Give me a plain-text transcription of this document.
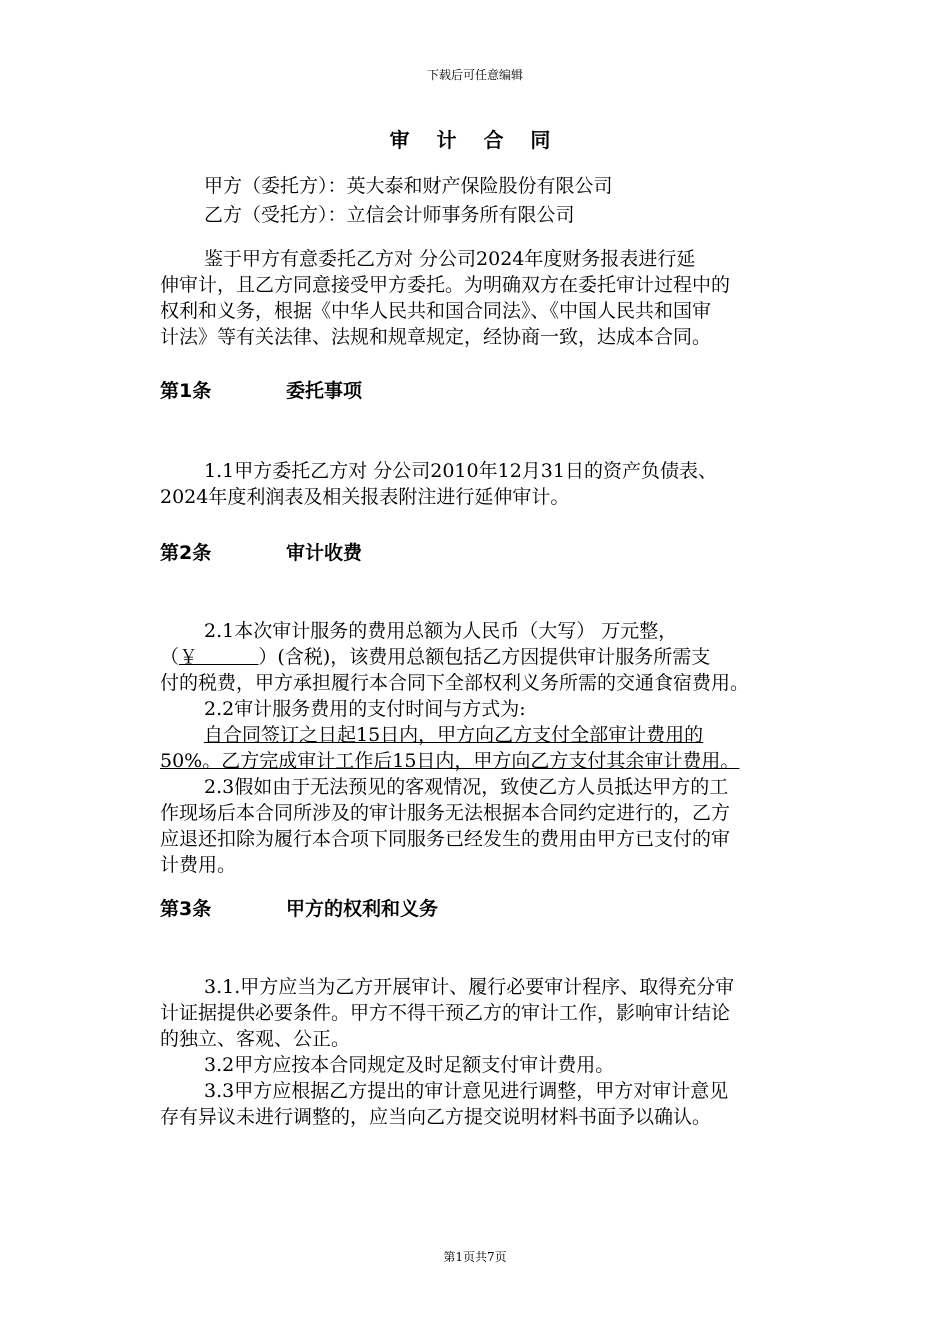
下载后可任意编辑
审 计 合 同
甲方（委托方）：英大泰和财产保险股份有限公司
乙方（受托方）：立信会计师事务所有限公司
鉴于甲方有意委托乙方对 分公司2024年度财务报表进行延
伸审计，且乙方同意接受甲方委托。为明确双方在委托审计过程中的
权利和义务，根据《中华人民共和国合同法》、《中国人民共和国审
计法》等有关法律、法规和规章规定，经协商一致，达成本合同。
第1条	委托事项
1.1甲方委托乙方对 分公司2010年12月31日的资产负债表、
2024年度利润表及相关报表附注进行延伸审计。
第2条	审计收费
2.1本次审计服务的费用总额为人民币（大写） 万元整，
（￥          ）(含税)，该费用总额包括乙方因提供审计服务所需支
付的税费，甲方承担履行本合同下全部权利义务所需的交通食宿费用。
2.2审计服务费用的支付时间与方式为:
自合同签订之日起15日内，甲方向乙方支付全部审计费用的
50%。乙方完成审计工作后15日内，甲方向乙方支付其余审计费用。
2.3假如由于无法预见的客观情况，致使乙方人员抵达甲方的工
作现场后本合同所涉及的审计服务无法根据本合同约定进行的，乙方
应退还扣除为履行本合项下同服务已经发生的费用由甲方已支付的审
计费用。
第3条	甲方的权利和义务
3.1.甲方应当为乙方开展审计、履行必要审计程序、取得充分审
计证据提供必要条件。甲方不得干预乙方的审计工作，影响审计结论
的独立、客观、公正。
3.2甲方应按本合同规定及时足额支付审计费用。
3.3甲方应根据乙方提出的审计意见进行调整，甲方对审计意见
存有异议未进行调整的，应当向乙方提交说明材料书面予以确认。
第1页共7页
